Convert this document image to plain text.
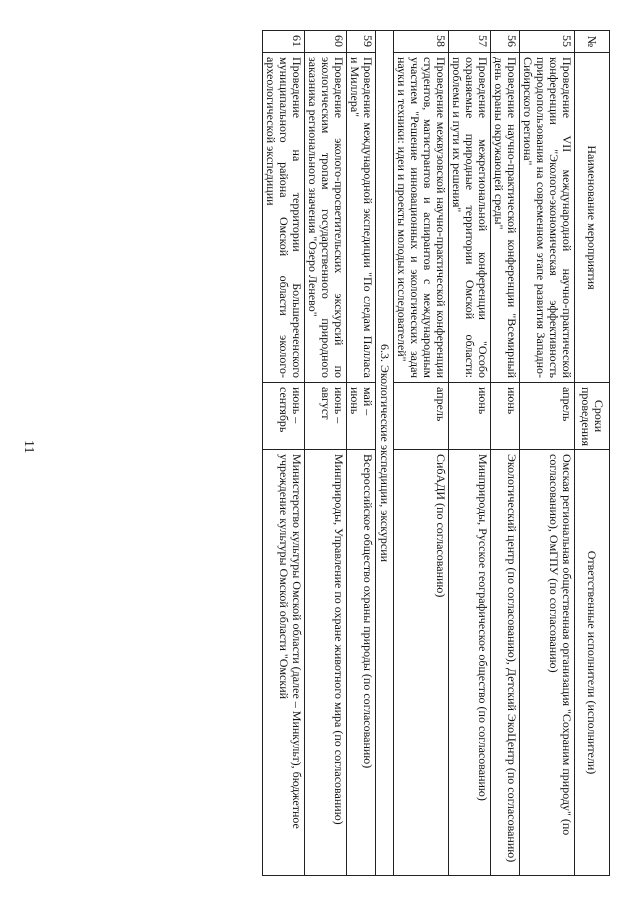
11
№	Наименование мероприятия	Сроки проведения	Ответственные исполнители (исполнители)
55	Проведение VII международной научно-практической конференции "Эколого-экономическая эффективность природопользования на современном этапе развития Западно-Сибирского региона"	апрель	Омская региональная общественная организация "Сохраним природу" (по согласованию), ОмГПУ (по согласованию)
56	Проведение научно-практической конференции "Всемирный день охраны окружающей среды"	июнь	Экологический центр (по согласованию), Детский ЭкоЦентр (по согласованию)
57	Проведение межрегиональной конференции "Особо охраняемые природные территории Омской области: проблемы и пути их решения"	июнь	Минприроды, Русское географическое общество (по согласованию)
58	Проведение межвузовской научно-практической конференции студентов, магистрантов и аспирантов с международным участием "Решение инновационных и экологических задач науки и техники: идеи и проекты молодых исследователей"	апрель	СибАДИ (по согласованию)
6.3. Экологические экспедиции, экскурсии			
59	Проведение международной экспедиции "По следам Палласа и Миллера"	май – июнь	Всероссийское общество охраны природы (по согласованию)
60	Проведение эколого-просветительских экскурсий по экологическим тропам государственного природного заказника регионального значения "Озеро Ленево"	июнь – август	Минприроды, Управление по охране животного мира (по согласованию)
61	Проведение на территории Большереченского муниципального района Омской области эколого-археологической экспедиции	июнь – сентябрь	Министерство культуры Омской области (далее – Минкульт), бюджетное учреждение культуры Омской области "Омский
